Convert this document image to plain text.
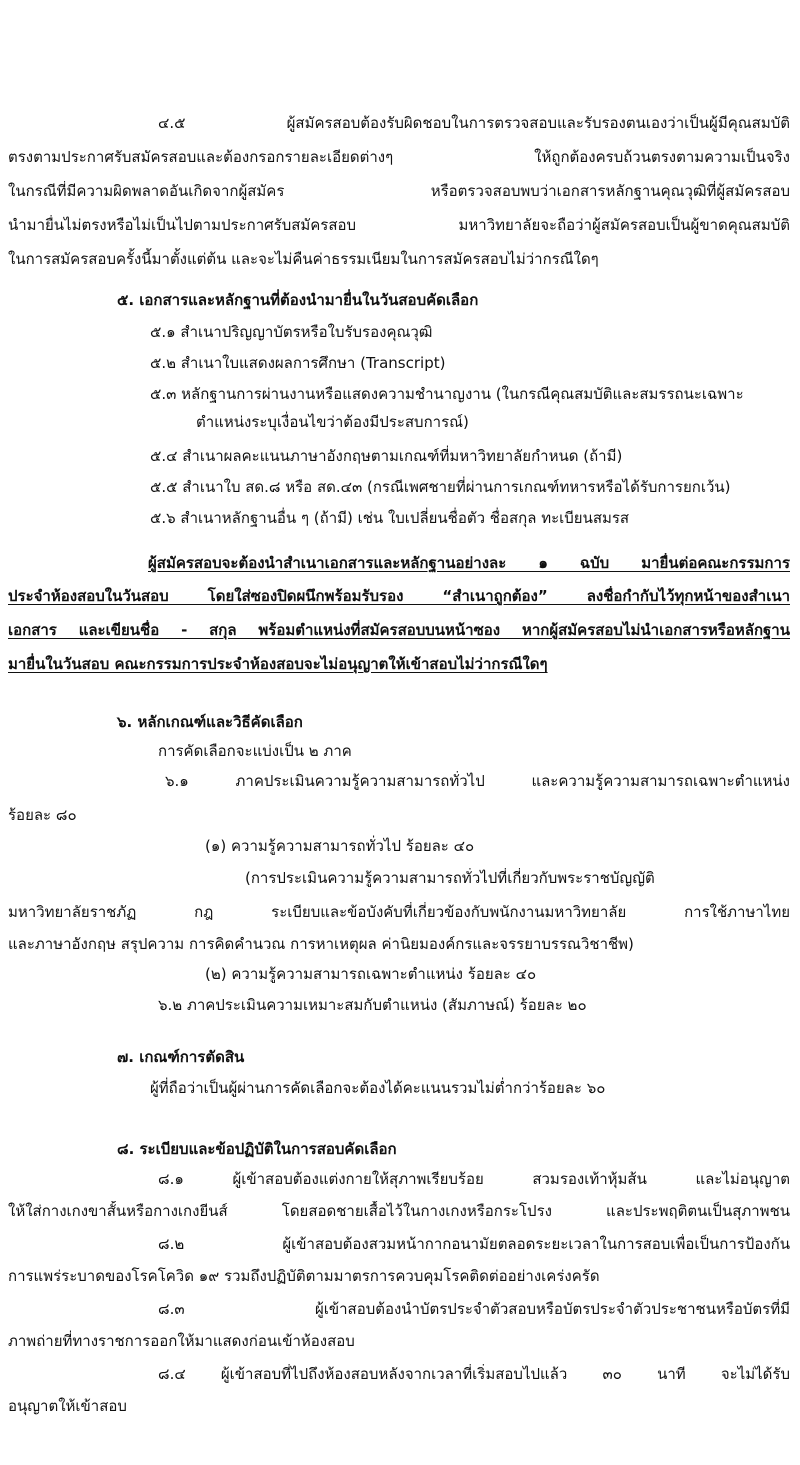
๔.๕ ผู้สมัครสอบต้องรับผิดชอบในการตรวจสอบและรับรองตนเองว่าเป็นผู้มีคุณสมบัติ
ตรงตามประกาศรับสมัครสอบและต้องกรอกรายละเอียดต่างๆ ให้ถูกต้องครบถ้วนตรงตามความเป็นจริง
ในกรณีที่มีความผิดพลาดอันเกิดจากผู้สมัคร หรือตรวจสอบพบว่าเอกสารหลักฐานคุณวุฒิที่ผู้สมัครสอบ
นำมายื่นไม่ตรงหรือไม่เป็นไปตามประกาศรับสมัครสอบ มหาวิทยาลัยจะถือว่าผู้สมัครสอบเป็นผู้ขาดคุณสมบัติ
ในการสมัครสอบครั้งนี้มาตั้งแต่ต้น และจะไม่คืนค่าธรรมเนียมในการสมัครสอบไม่ว่ากรณีใดๆ
๕. เอกสารและหลักฐานที่ต้องนำมายื่นในวันสอบคัดเลือก
๕.๑ สำเนาปริญญาบัตรหรือใบรับรองคุณวุฒิ
๕.๒ สำเนาใบแสดงผลการศึกษา (Transcript)
๕.๓ หลักฐานการผ่านงานหรือแสดงความชำนาญงาน (ในกรณีคุณสมบัติและสมรรถนะเฉพาะ
ตำแหน่งระบุเงื่อนไขว่าต้องมีประสบการณ์)
๕.๔ สำเนาผลคะแนนภาษาอังกฤษตามเกณฑ์ที่มหาวิทยาลัยกำหนด (ถ้ามี)
๕.๕ สำเนาใบ สด.๘ หรือ สด.๔๓ (กรณีเพศชายที่ผ่านการเกณฑ์ทหารหรือได้รับการยกเว้น)
๕.๖ สำเนาหลักฐานอื่น ๆ (ถ้ามี) เช่น ใบเปลี่ยนชื่อตัว ชื่อสกุล ทะเบียนสมรส
ผู้สมัครสอบจะต้องนำสำเนาเอกสารและหลักฐานอย่างละ ๑ ฉบับ มายื่นต่อคณะกรรมการ
ประจำห้องสอบในวันสอบ โดยใส่ซองปิดผนึกพร้อมรับรอง “สำเนาถูกต้อง” ลงชื่อกำกับไว้ทุกหน้าของสำเนา
เอกสาร และเขียนชื่อ - สกุล พร้อมตำแหน่งที่สมัครสอบบนหน้าซอง หากผู้สมัครสอบไม่นำเอกสารหรือหลักฐาน
มายื่นในวันสอบ คณะกรรมการประจำห้องสอบจะไม่อนุญาตให้เข้าสอบไม่ว่ากรณีใดๆ
๖. หลักเกณฑ์และวิธีคัดเลือก
การคัดเลือกจะแบ่งเป็น ๒ ภาค
๖.๑ ภาคประเมินความรู้ความสามารถทั่วไป และความรู้ความสามารถเฉพาะตำแหน่ง
ร้อยละ ๘๐
(๑) ความรู้ความสามารถทั่วไป ร้อยละ ๔๐
(การประเมินความรู้ความสามารถทั่วไปที่เกี่ยวกับพระราชบัญญัติ
มหาวิทยาลัยราชภัฏ กฎ ระเบียบและข้อบังคับที่เกี่ยวข้องกับพนักงานมหาวิทยาลัย การใช้ภาษาไทย
และภาษาอังกฤษ สรุปความ การคิดคำนวณ การหาเหตุผล ค่านิยมองค์กรและจรรยาบรรณวิชาชีพ)
(๒) ความรู้ความสามารถเฉพาะตำแหน่ง ร้อยละ ๔๐
๖.๒ ภาคประเมินความเหมาะสมกับตำแหน่ง (สัมภาษณ์) ร้อยละ ๒๐
๗. เกณฑ์การตัดสิน
ผู้ที่ถือว่าเป็นผู้ผ่านการคัดเลือกจะต้องได้คะแนนรวมไม่ต่ำกว่าร้อยละ ๖๐
๘. ระเบียบและข้อปฏิบัติในการสอบคัดเลือก
๘.๑ ผู้เข้าสอบต้องแต่งกายให้สุภาพเรียบร้อย สวมรองเท้าหุ้มส้น และไม่อนุญาต
ให้ใส่กางเกงขาสั้นหรือกางเกงยีนส์ โดยสอดชายเสื้อไว้ในกางเกงหรือกระโปรง และประพฤติตนเป็นสุภาพชน
๘.๒ ผู้เข้าสอบต้องสวมหน้ากากอนามัยตลอดระยะเวลาในการสอบเพื่อเป็นการป้องกัน
การแพร่ระบาดของโรคโควิด ๑๙ รวมถึงปฏิบัติตามมาตรการควบคุมโรคติดต่ออย่างเคร่งครัด
๘.๓ ผู้เข้าสอบต้องนำบัตรประจำตัวสอบหรือบัตรประจำตัวประชาชนหรือบัตรที่มี
ภาพถ่ายที่ทางราชการออกให้มาแสดงก่อนเข้าห้องสอบ
๘.๔ ผู้เข้าสอบที่ไปถึงห้องสอบหลังจากเวลาที่เริ่มสอบไปแล้ว ๓๐ นาที จะไม่ได้รับ
อนุญาตให้เข้าสอบ
